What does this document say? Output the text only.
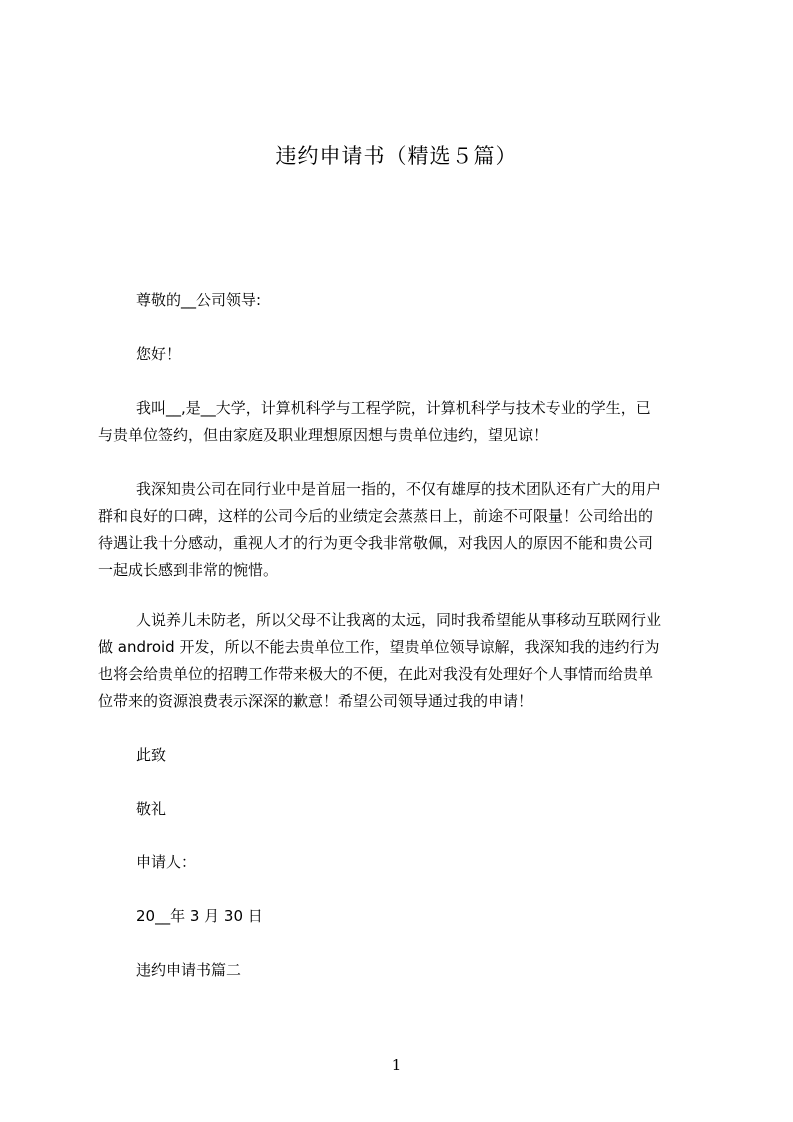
违约申请书（精选５篇）
尊敬的__公司领导:
您好！
我叫__,是__大学，计算机科学与工程学院，计算机科学与技术专业的学生，已
与贵单位签约，但由家庭及职业理想原因想与贵单位违约，望见谅！
我深知贵公司在同行业中是首屈一指的，不仅有雄厚的技术团队还有广大的用户
群和良好的口碑，这样的公司今后的业绩定会蒸蒸日上，前途不可限量！公司给出的
待遇让我十分感动，重视人才的行为更令我非常敬佩，对我因人的原因不能和贵公司
一起成长感到非常的惋惜。
人说养儿未防老，所以父母不让我离的太远，同时我希望能从事移动互联网行业
做 android 开发，所以不能去贵单位工作，望贵单位领导谅解，我深知我的违约行为
也将会给贵单位的招聘工作带来极大的不便，在此对我没有处理好个人事情而给贵单
位带来的资源浪费表示深深的歉意！希望公司领导通过我的申请！
此致
敬礼
申请人：
20__年 3 月 30 日
违约申请书篇二
1
